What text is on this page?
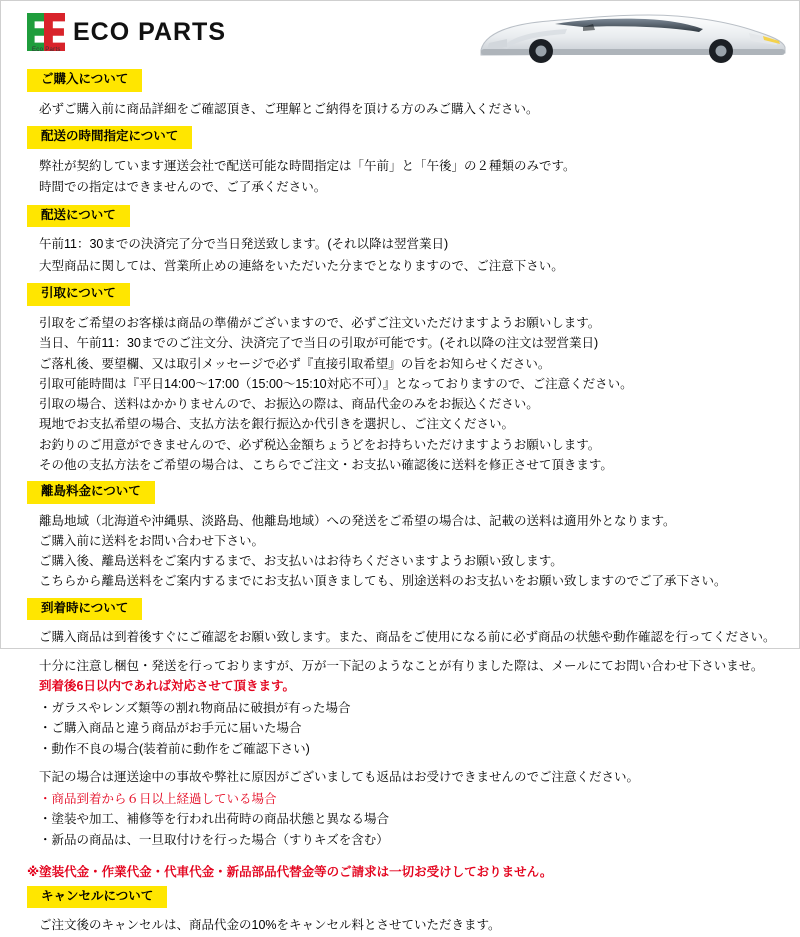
Eco Parts
ECO PARTS
ご購入について

必ずご購入前に商品詳細をご確認頂き、ご理解とご納得を頂ける方のみご購入ください。

配送の時間指定について

弊社が契約しています運送会社で配送可能な時間指定は「午前」と「午後」の２種類のみです。

時間での指定はできませんので、ご了承ください。

配送について

午前11：30までの決済完了分で当日発送致します。(それ以降は翌営業日)

大型商品に関しては、営業所止めの連絡をいただいた分までとなりますので、ご注意下さい。

引取について

引取をご希望のお客様は商品の準備がございますので、必ずご注文いただけますようお願いします。

当日、午前11：30までのご注文分、決済完了で当日の引取が可能です。(それ以降の注文は翌営業日)

ご落札後、要望欄、又は取引メッセージで必ず『直接引取希望』の旨をお知らせください。

引取可能時間は『平日14:00〜17:00（15:00〜15:10対応不可）』となっておりますので、ご注意ください。

引取の場合、送料はかかりませんので、お振込の際は、商品代金のみをお振込ください。

現地でお支払希望の場合、支払方法を銀行振込か代引きを選択し、ご注文ください。

お釣りのご用意ができませんので、必ず税込金額ちょうどをお持ちいただけますようお願いします。

その他の支払方法をご希望の場合は、こちらでご注文・お支払い確認後に送料を修正させて頂きます。

離島料金について

離島地域（北海道や沖縄県、淡路島、他離島地域）への発送をご希望の場合は、記載の送料は適用外となります。

ご購入前に送料をお問い合わせ下さい。

ご購入後、離島送料をご案内するまで、お支払いはお待ちくださいますようお願い致します。

こちらから離島送料をご案内するまでにお支払い頂きましても、別途送料のお支払いをお願い致しますのでご了承下さい。

到着時について

ご購入商品は到着後すぐにご確認をお願い致します。また、商品をご使用になる前に必ず商品の状態や動作確認を行ってください。

十分に注意し梱包・発送を行っておりますが、万が一下記のようなことが有りました際は、メールにてお問い合わせ下さいませ。

到着後6日以内であれば対応させて頂きます。

・ ガラスやレンズ類等の割れ物商品に破損が有った場合
・ ご購入商品と違う商品がお手元に届いた場合
・ 動作不良の場合(装着前に動作をご確認下さい)

下記の場合は運送途中の事故や弊社に原因がございましても返品はお受けできませんのでご注意ください。

・ 商品到着から６日以上経過している場合
・ 塗装や加工、補修等を行われ出荷時の商品状態と異なる場合
・ 新品の商品は、一旦取付けを行った場合（すりキズを含む）
※塗装代金・作業代金・代車代金・新品部品代替金等のご請求は一切お受けしておりません。
キャンセルについて

ご注文後のキャンセルは、商品代金の10%をキャンセル料とさせていただきます。
